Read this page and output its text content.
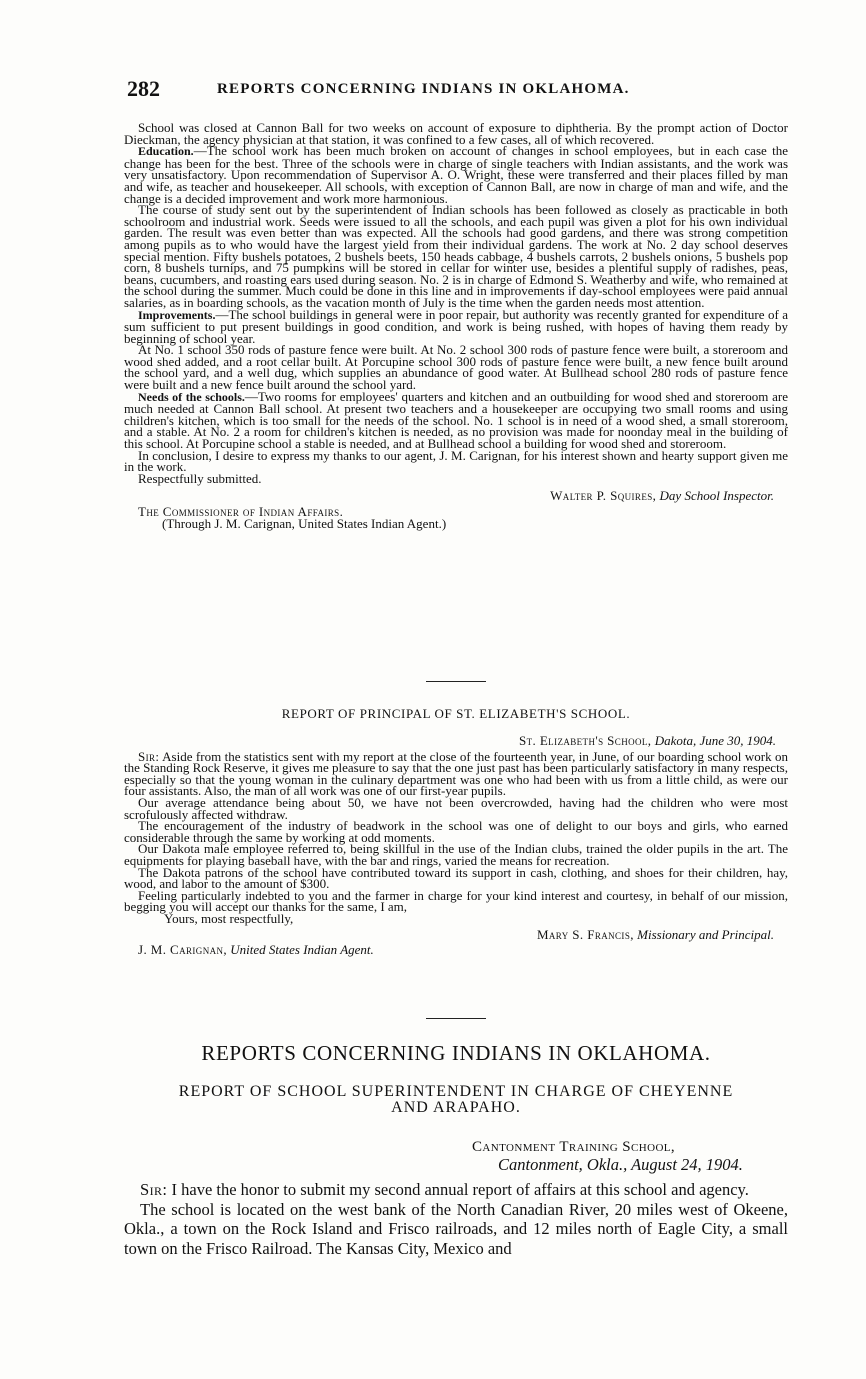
282	REPORTS CONCERNING INDIANS IN OKLAHOMA.

School was closed at Cannon Ball for two weeks on account of exposure to diphtheria. By the prompt action of Doctor Dieckman, the agency physician at that station, it was confined to a few cases, all of which recovered.

Education.—The school work has been much broken on account of changes in school employees, but in each case the change has been for the best. Three of the schools were in charge of single teachers with Indian assistants, and the work was very unsatisfactory. Upon recommendation of Supervisor A. O. Wright, these were transferred and their places filled by man and wife, as teacher and housekeeper. All schools, with exception of Cannon Ball, are now in charge of man and wife, and the change is a decided improvement and work more harmonious.

The course of study sent out by the superintendent of Indian schools has been followed as closely as practicable in both schoolroom and industrial work. Seeds were issued to all the schools, and each pupil was given a plot for his own individual garden. The result was even better than was expected. All the schools had good gardens, and there was strong competition among pupils as to who would have the largest yield from their individual gardens. The work at No. 2 day school deserves special mention. Fifty bushels potatoes, 2 bushels beets, 150 heads cabbage, 4 bushels carrots, 2 bushels onions, 5 bushels pop corn, 8 bushels turnips, and 75 pumpkins will be stored in cellar for winter use, besides a plentiful supply of radishes, peas, beans, cucumbers, and roasting ears used during season. No. 2 is in charge of Edmond S. Weatherby and wife, who remained at the school during the summer. Much could be done in this line and in improvements if day-school employees were paid annual salaries, as in boarding schools, as the vacation month of July is the time when the garden needs most attention.

Improvements.—The school buildings in general were in poor repair, but authority was recently granted for expenditure of a sum sufficient to put present buildings in good condition, and work is being rushed, with hopes of having them ready by beginning of school year.

At No. 1 school 350 rods of pasture fence were built. At No. 2 school 300 rods of pasture fence were built, a storeroom and wood shed added, and a root cellar built. At Porcupine school 300 rods of pasture fence were built, a new fence built around the school yard, and a well dug, which supplies an abundance of good water. At Bullhead school 280 rods of pasture fence were built and a new fence built around the school yard.

Needs of the schools.—Two rooms for employees' quarters and kitchen and an outbuilding for wood shed and storeroom are much needed at Cannon Ball school. At present two teachers and a housekeeper are occupying two small rooms and using children's kitchen, which is too small for the needs of the school. No. 1 school is in need of a wood shed, a small storeroom, and a stable. At No. 2 a room for children's kitchen is needed, as no provision was made for noonday meal in the building of this school. At Porcupine school a stable is needed, and at Bullhead school a building for wood shed and storeroom.

In conclusion, I desire to express my thanks to our agent, J. M. Carignan, for his interest shown and hearty support given me in the work.

Respectfully submitted.

Walter P. Squires, Day School Inspector.

The Commissioner of Indian Affairs.

(Through J. M. Carignan, United States Indian Agent.)

REPORT OF PRINCIPAL OF ST. ELIZABETH'S SCHOOL.

St. Elizabeth's School, Dakota, June 30, 1904.

Sir: Aside from the statistics sent with my report at the close of the fourteenth year, in June, of our boarding school work on the Standing Rock Reserve, it gives me pleasure to say that the one just past has been particularly satisfactory in many respects, especially so that the young woman in the culinary department was one who had been with us from a little child, as were our four assistants. Also, the man of all work was one of our first-year pupils.

Our average attendance being about 50, we have not been overcrowded, having had the children who were most scrofulously affected withdraw.

The encouragement of the industry of beadwork in the school was one of delight to our boys and girls, who earned considerable through the same by working at odd moments.

Our Dakota male employee referred to, being skillful in the use of the Indian clubs, trained the older pupils in the art. The equipments for playing baseball have, with the bar and rings, varied the means for recreation.

The Dakota patrons of the school have contributed toward its support in cash, clothing, and shoes for their children, hay, wood, and labor to the amount of $300.

Feeling particularly indebted to you and the farmer in charge for your kind interest and courtesy, in behalf of our mission, begging you will accept our thanks for the same, I am,

Yours, most respectfully,

Mary S. Francis, Missionary and Principal.

J. M. Carignan, United States Indian Agent.

REPORTS CONCERNING INDIANS IN OKLAHOMA.
REPORT OF SCHOOL SUPERINTENDENT IN CHARGE OF CHEYENNE
AND ARAPAHO.

Cantonment Training School,

Cantonment, Okla., August 24, 1904.

Sir: I have the honor to submit my second annual report of affairs at this school and agency.

The school is located on the west bank of the North Canadian River, 20 miles west of Okeene, Okla., a town on the Rock Island and Frisco railroads, and 12 miles north of Eagle City, a small town on the Frisco Railroad. The Kansas City, Mexico and
